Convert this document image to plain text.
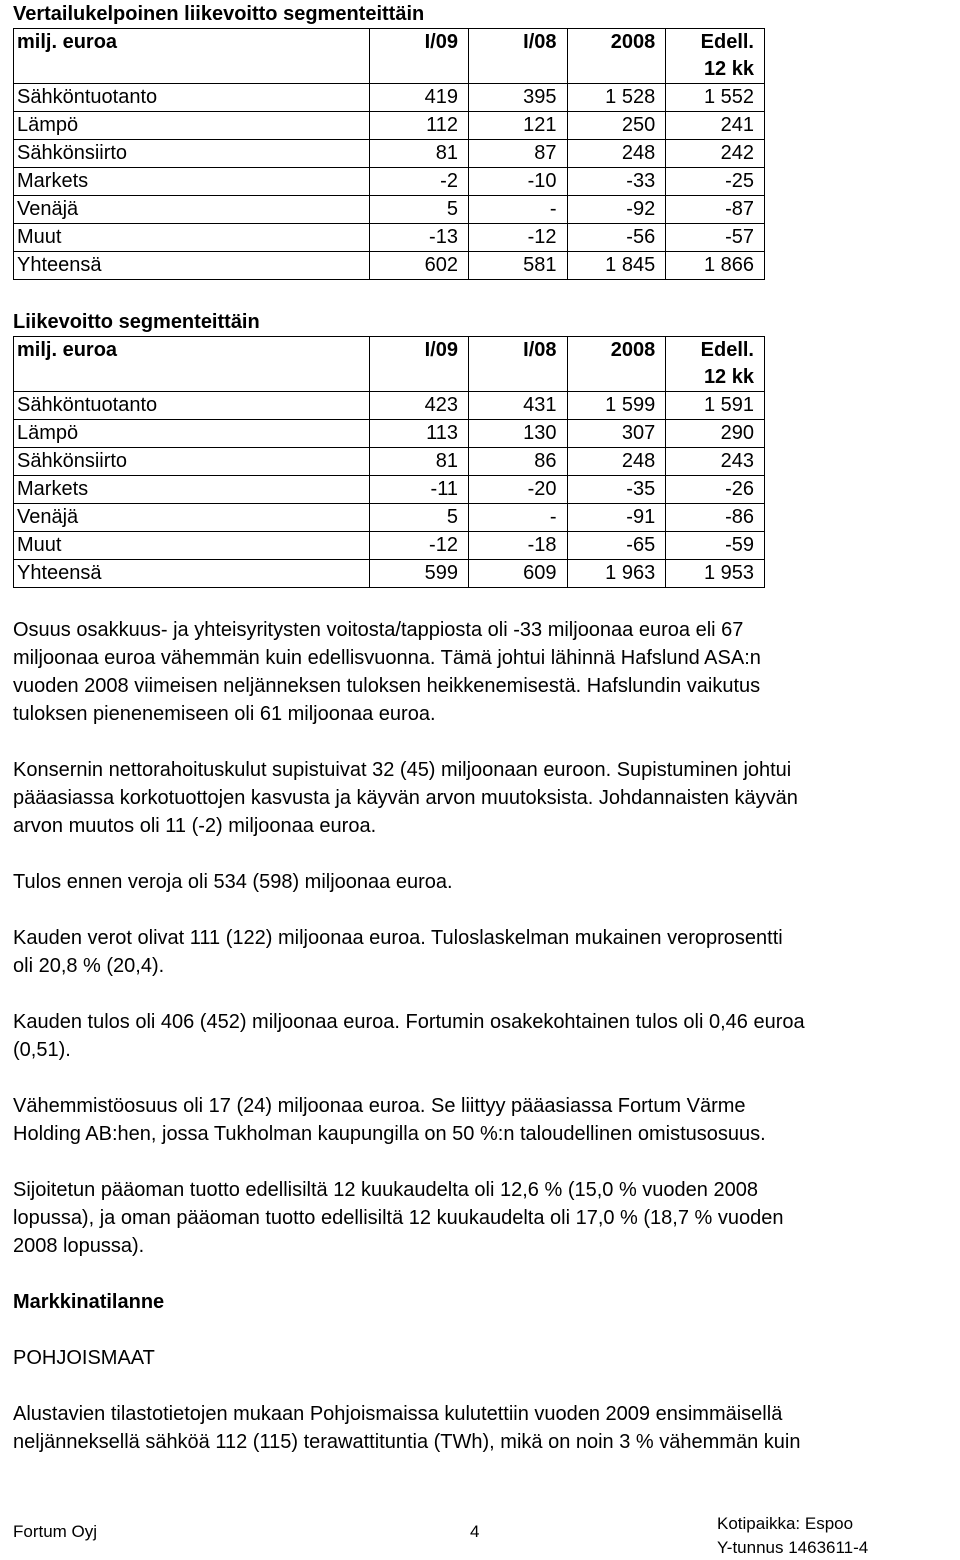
Vertailukelpoinen liikevoitto segmenteittäin
milj. euroa	I/09	I/08	2008	Edell.
12 kk

Sähköntuotanto	419	395	1 528	1 552
Lämpö	112	121	250	241
Sähkönsiirto	81	87	248	242
Markets	-2	-10	-33	-25
Venäjä	5	-	-92	-87
Muut	-13	-12	-56	-57
Yhteensä	602	581	1 845	1 866
Liikevoitto segmenteittäin
milj. euroa	I/09	I/08	2008	Edell.
12 kk

Sähköntuotanto	423	431	1 599	1 591
Lämpö	113	130	307	290
Sähkönsiirto	81	86	248	243
Markets	-11	-20	-35	-26
Venäjä	5	-	-91	-86
Muut	-12	-18	-65	-59
Yhteensä	599	609	1 963	1 953
Osuus osakkuus- ja yhteisyritysten voitosta/tappiosta oli -33 miljoonaa euroa eli 67
miljoonaa euroa vähemmän kuin edellisvuonna. Tämä johtui lähinnä Hafslund ASA:n
vuoden 2008 viimeisen neljänneksen tuloksen heikkenemisestä. Hafslundin vaikutus
tuloksen pienenemiseen oli 61 miljoonaa euroa.
Konsernin nettorahoituskulut supistuivat 32 (45) miljoonaan euroon. Supistuminen johtui
pääasiassa korkotuottojen kasvusta ja käyvän arvon muutoksista. Johdannaisten käyvän
arvon muutos oli 11 (-2) miljoonaa euroa.
Tulos ennen veroja oli 534 (598) miljoonaa euroa.
Kauden verot olivat 111 (122) miljoonaa euroa. Tuloslaskelman mukainen veroprosentti
oli 20,8 % (20,4).
Kauden tulos oli 406 (452) miljoonaa euroa. Fortumin osakekohtainen tulos oli 0,46 euroa
(0,51).
Vähemmistöosuus oli 17 (24) miljoonaa euroa. Se liittyy pääasiassa Fortum Värme
Holding AB:hen, jossa Tukholman kaupungilla on 50 %:n taloudellinen omistusosuus.
Sijoitetun pääoman tuotto edellisiltä 12 kuukaudelta oli 12,6 % (15,0 % vuoden 2008
lopussa), ja oman pääoman tuotto edellisiltä 12 kuukaudelta oli 17,0 % (18,7 % vuoden
2008 lopussa).
Markkinatilanne
POHJOISMAAT
Alustavien tilastotietojen mukaan Pohjoismaissa kulutettiin vuoden 2009 ensimmäisellä
neljänneksellä sähköä 112 (115) terawattituntia (TWh), mikä on noin 3 % vähemmän kuin
Fortum Oyj	4	Kotipaikka: Espoo
Y-tunnus 1463611-4
